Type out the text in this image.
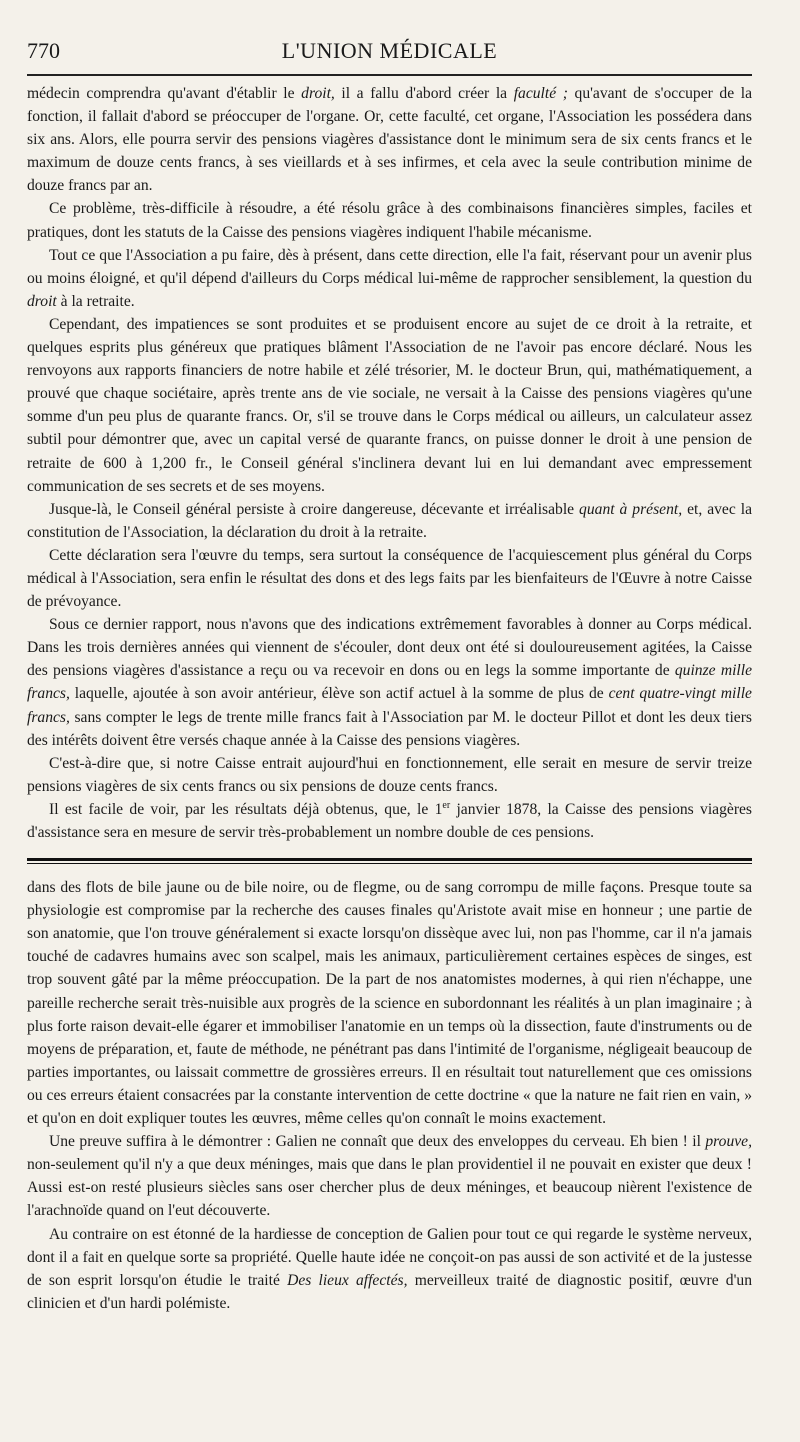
770	L'UNION MÉDICALE

médecin comprendra qu'avant d'établir le droit, il a fallu d'abord créer la faculté ; qu'avant de s'occuper de la fonction, il fallait d'abord se préoccuper de l'organe. Or, cette faculté, cet organe, l'Association les possédera dans six ans. Alors, elle pourra servir des pensions viagères d'assistance dont le minimum sera de six cents francs et le maximum de douze cents francs, à ses vieillards et à ses infirmes, et cela avec la seule contribution minime de douze francs par an.

Ce problème, très-difficile à résoudre, a été résolu grâce à des combinaisons financières simples, faciles et pratiques, dont les statuts de la Caisse des pensions viagères indiquent l'habile mécanisme.

Tout ce que l'Association a pu faire, dès à présent, dans cette direction, elle l'a fait, réservant pour un avenir plus ou moins éloigné, et qu'il dépend d'ailleurs du Corps médical lui-même de rapprocher sensiblement, la question du droit à la retraite.

Cependant, des impatiences se sont produites et se produisent encore au sujet de ce droit à la retraite, et quelques esprits plus généreux que pratiques blâment l'Association de ne l'avoir pas encore déclaré. Nous les renvoyons aux rapports financiers de notre habile et zélé trésorier, M. le docteur Brun, qui, mathématiquement, a prouvé que chaque sociétaire, après trente ans de vie sociale, ne versait à la Caisse des pensions viagères qu'une somme d'un peu plus de quarante francs. Or, s'il se trouve dans le Corps médical ou ailleurs, un calculateur assez subtil pour démontrer que, avec un capital versé de quarante francs, on puisse donner le droit à une pension de retraite de 600 à 1,200 fr., le Conseil général s'inclinera devant lui en lui demandant avec empressement communication de ses secrets et de ses moyens.

Jusque-là, le Conseil général persiste à croire dangereuse, décevante et irréalisable quant à présent, et, avec la constitution de l'Association, la déclaration du droit à la retraite.

Cette déclaration sera l'œuvre du temps, sera surtout la conséquence de l'acquiescement plus général du Corps médical à l'Association, sera enfin le résultat des dons et des legs faits par les bienfaiteurs de l'Œuvre à notre Caisse de prévoyance.

Sous ce dernier rapport, nous n'avons que des indications extrêmement favorables à donner au Corps médical. Dans les trois dernières années qui viennent de s'écouler, dont deux ont été si douloureusement agitées, la Caisse des pensions viagères d'assistance a reçu ou va recevoir en dons ou en legs la somme importante de quinze mille francs, laquelle, ajoutée à son avoir antérieur, élève son actif actuel à la somme de plus de cent quatre-vingt mille francs, sans compter le legs de trente mille francs fait à l'Association par M. le docteur Pillot et dont les deux tiers des intérêts doivent être versés chaque année à la Caisse des pensions viagères.

C'est-à-dire que, si notre Caisse entrait aujourd'hui en fonctionnement, elle serait en mesure de servir treize pensions viagères de six cents francs ou six pensions de douze cents francs.

Il est facile de voir, par les résultats déjà obtenus, que, le 1er janvier 1878, la Caisse des pensions viagères d'assistance sera en mesure de servir très-probablement un nombre double de ces pensions.

dans des flots de bile jaune ou de bile noire, ou de flegme, ou de sang corrompu de mille façons. Presque toute sa physiologie est compromise par la recherche des causes finales qu'Aristote avait mise en honneur ; une partie de son anatomie, que l'on trouve généralement si exacte lorsqu'on dissèque avec lui, non pas l'homme, car il n'a jamais touché de cadavres humains avec son scalpel, mais les animaux, particulièrement certaines espèces de singes, est trop souvent gâté par la même préoccupation. De la part de nos anatomistes modernes, à qui rien n'échappe, une pareille recherche serait très-nuisible aux progrès de la science en subordonnant les réalités à un plan imaginaire ; à plus forte raison devait-elle égarer et immobiliser l'anatomie en un temps où la dissection, faute d'instruments ou de moyens de préparation, et, faute de méthode, ne pénétrant pas dans l'intimité de l'organisme, négligeait beaucoup de parties importantes, ou laissait commettre de grossières erreurs. Il en résultait tout naturellement que ces omissions ou ces erreurs étaient consacrées par la constante intervention de cette doctrine « que la nature ne fait rien en vain, » et qu'on en doit expliquer toutes les œuvres, même celles qu'on connaît le moins exactement.

Une preuve suffira à le démontrer : Galien ne connaît que deux des enveloppes du cerveau. Eh bien ! il prouve, non-seulement qu'il n'y a que deux méninges, mais que dans le plan providentiel il ne pouvait en exister que deux ! Aussi est-on resté plusieurs siècles sans oser chercher plus de deux méninges, et beaucoup nièrent l'existence de l'arachnoïde quand on l'eut découverte.

Au contraire on est étonné de la hardiesse de conception de Galien pour tout ce qui regarde le système nerveux, dont il a fait en quelque sorte sa propriété. Quelle haute idée ne conçoit-on pas aussi de son activité et de la justesse de son esprit lorsqu'on étudie le traité Des lieux affectés, merveilleux traité de diagnostic positif, œuvre d'un clinicien et d'un hardi polémiste.
